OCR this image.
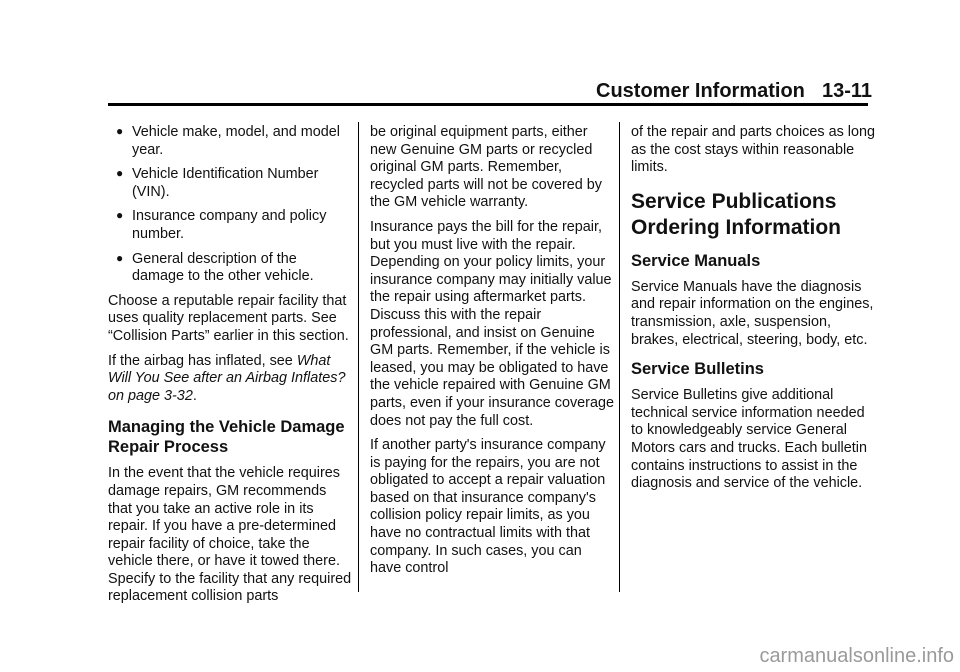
Customer Information 13-11
● Vehicle make, model, and model year.
● Vehicle Identification Number (VIN).
● Insurance company and policy number.
● General description of the damage to the other vehicle.

Choose a reputable repair facility that uses quality replacement parts. See “Collision Parts” earlier in this section.

If the airbag has inflated, see What Will You See after an Airbag Inflates? on page 3-32.

Managing the Vehicle Damage Repair Process

In the event that the vehicle requires damage repairs, GM recommends that you take an active role in its repair. If you have a pre-determined repair facility of choice, take the vehicle there, or have it towed there. Specify to the facility that any required replacement collision parts

be original equipment parts, either new Genuine GM parts or recycled original GM parts. Remember, recycled parts will not be covered by the GM vehicle warranty.

Insurance pays the bill for the repair, but you must live with the repair. Depending on your policy limits, your insurance company may initially value the repair using aftermarket parts. Discuss this with the repair professional, and insist on Genuine GM parts. Remember, if the vehicle is leased, you may be obligated to have the vehicle repaired with Genuine GM parts, even if your insurance coverage does not pay the full cost.

If another party's insurance company is paying for the repairs, you are not obligated to accept a repair valuation based on that insurance company's collision policy repair limits, as you have no contractual limits with that company. In such cases, you can have control

of the repair and parts choices as long as the cost stays within reasonable limits.

Service Publications Ordering Information
Service Manuals

Service Manuals have the diagnosis and repair information on the engines, transmission, axle, suspension, brakes, electrical, steering, body, etc.

Service Bulletins

Service Bulletins give additional technical service information needed to knowledgeably service General Motors cars and trucks. Each bulletin contains instructions to assist in the diagnosis and service of the vehicle.

carmanualsonline.info
